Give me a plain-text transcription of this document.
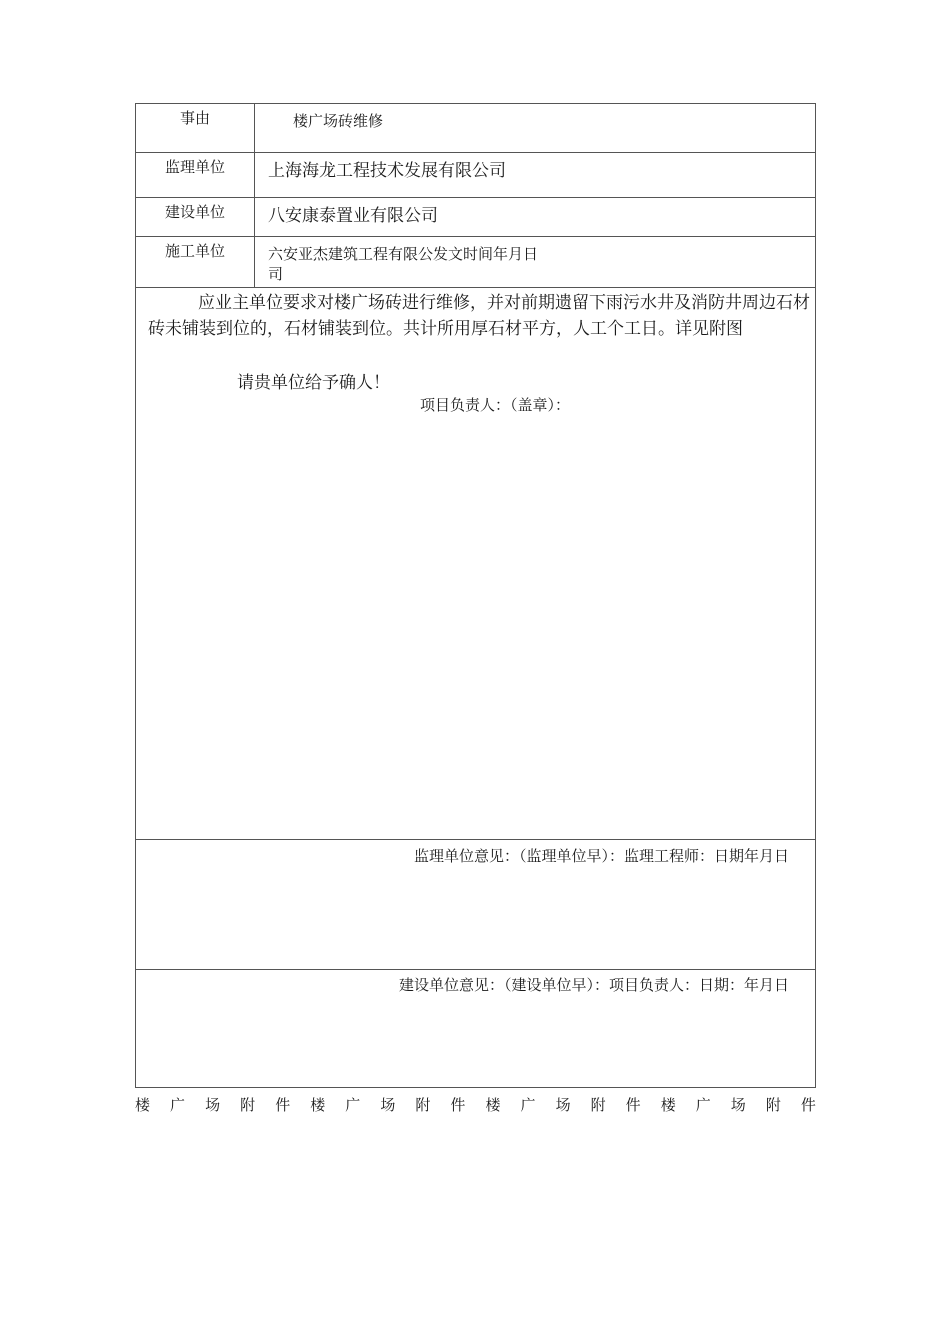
事由	楼广场砖维修
监理单位	上海海龙工程技术发展有限公司
建设单位	八安康泰置业有限公司
施工单位	六安亚杰建筑工程有限公发文时间年月日
司

应业主单位要求对楼广场砖进行维修，并对前期遗留下雨污水井及消防井周边石材砖未铺装到位的，石材铺装到位。共计所用厚石材平方，人工个工日。详见附图

请贵单位给予确人！
项目负责人：（盖章）：
监理单位意见：（监理单位早）：监理工程师：日期年月日
建设单位意见：（建设单位早）：项目负责人：日期：年月日
楼 广 场 附 件 楼 广 场 附 件 楼 广 场 附 件 楼 广 场 附 件
